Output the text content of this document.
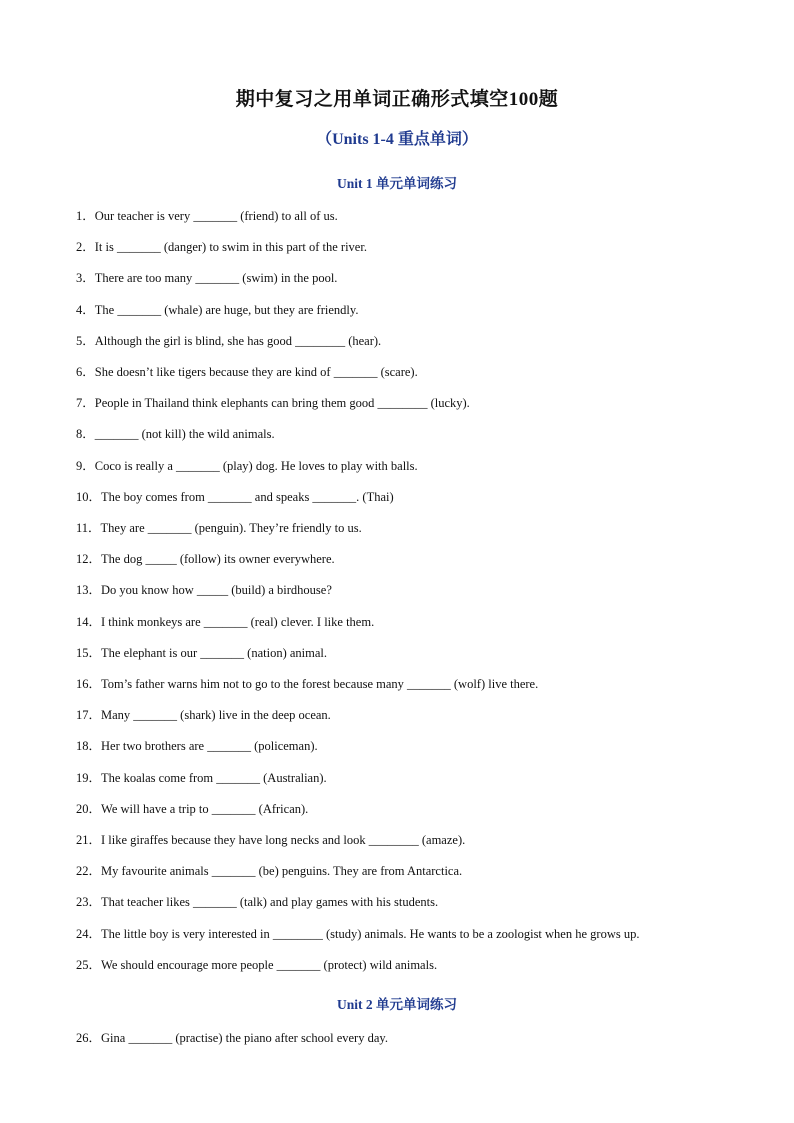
期中复习之用单词正确形式填空100题
（Units 1-4 重点单词）
Unit 1 单元单词练习
1．Our teacher is very _______ (friend) to all of us.
2．It is _______ (danger) to swim in this part of the river.
3．There are too many _______ (swim) in the pool.
4．The _______ (whale) are huge, but they are friendly.
5．Although the girl is blind, she has good ________ (hear).
6．She doesn’t like tigers because they are kind of _______ (scare).
7．People in Thailand think elephants can bring them good ________ (lucky).
8．_______ (not kill) the wild animals.
9．Coco is really a _______ (play) dog. He loves to play with balls.
10．The boy comes from _______ and speaks _______. (Thai)
11．They are _______ (penguin). They’re friendly to us.
12．The dog _____ (follow) its owner everywhere.
13．Do you know how _____ (build) a birdhouse?
14．I think monkeys are _______ (real) clever. I like them.
15．The elephant is our _______ (nation) animal.
16．Tom’s father warns him not to go to the forest because many _______ (wolf) live there.
17．Many _______ (shark) live in the deep ocean.
18．Her two brothers are _______ (policeman).
19．The koalas come from _______ (Australian).
20．We will have a trip to _______ (African).
21．I like giraffes because they have long necks and look ________ (amaze).
22．My favourite animals _______ (be) penguins. They are from Antarctica.
23．That teacher likes _______ (talk) and play games with his students.
24．The little boy is very interested in ________ (study) animals. He wants to be a zoologist when he grows up.
25．We should encourage more people _______ (protect) wild animals.
Unit 2 单元单词练习
26．Gina _______ (practise) the piano after school every day.
